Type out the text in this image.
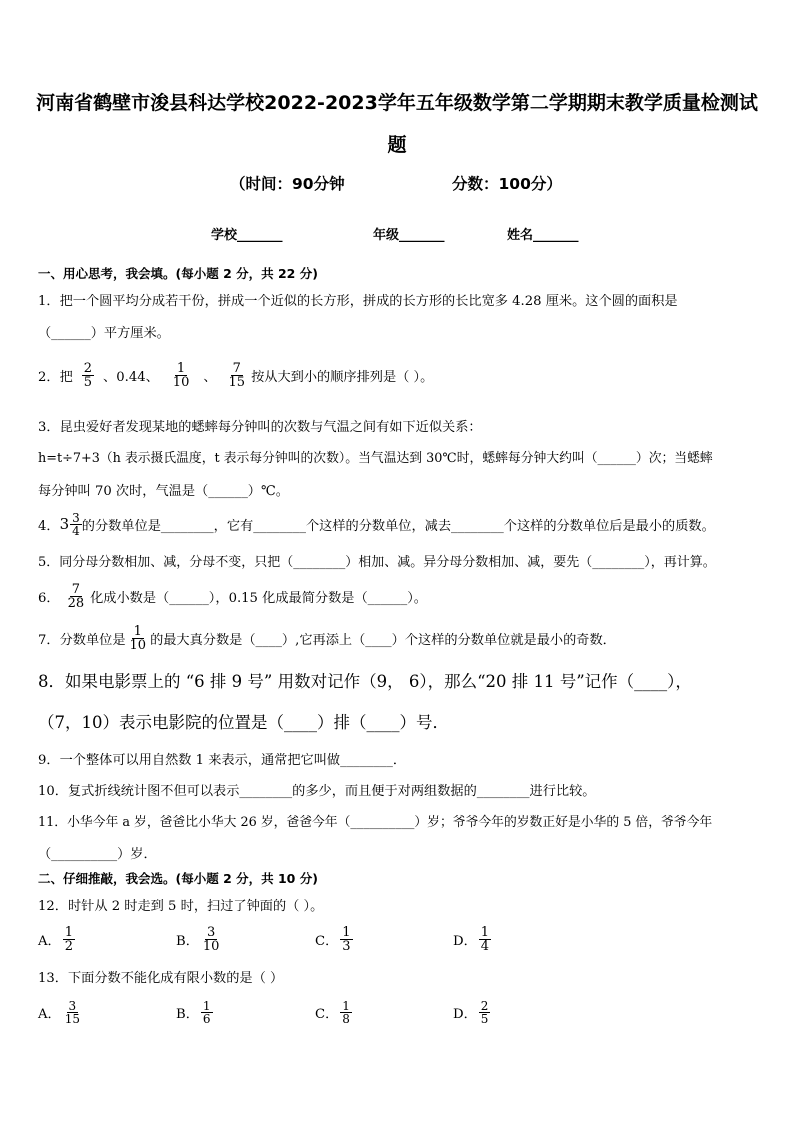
河南省鹤壁市浚县科达学校2022-2023学年五年级数学第二学期期末教学质量检测试
题
（时间：90分钟	分数：100分）
学校_______	年级_______	姓名_______
一、用心思考，我会填。(每小题 2 分，共 22 分)
1．把一个圆平均分成若干份，拼成一个近似的长方形，拼成的长方形的长比宽多 4.28 厘米。这个圆的面积是
（______）平方厘米。
2．把 $\frac{2}{5}$ 、0.44、 $\frac{1}{10}$ 、 $\frac{7}{15}$ 按从大到小的顺序排列是（ ）。
3．昆虫爱好者发现某地的蟋蟀每分钟叫的次数与气温之间有如下近似关系：
h=t÷7+3（h 表示摄氏温度，t 表示每分钟叫的次数）。当气温达到 30℃时，蟋蟀每分钟大约叫（______）次；当蟋蟀
每分钟叫 70 次时，气温是（______）℃。
4． $3 \frac{3}{4}$ 的分数单位是________，它有________个这样的分数单位，减去________个这样的分数单位后是最小的质数。
5．同分母分数相加、减，分母不变，只把（________）相加、减。异分母分数相加、减，要先（________），再计算。
6． $\frac{7}{28}$ 化成小数是（______），0.15 化成最简分数是（______）。
7．分数单位是 $\frac{1}{10}$ 的最大真分数是（____）,它再添上（____）个这样的分数单位就是最小的奇数．
8．如果电影票上的 “6 排 9 号” 用数对记作（9， 6），那么“20 排 11 号”记作（____），
（7，10）表示电影院的位置是（____）排（____）号．
9．一个整体可以用自然数 1 来表示，通常把它叫做________．
10．复式折线统计图不但可以表示________的多少，而且便于对两组数据的________进行比较。
11．小华今年 a 岁，爸爸比小华大 26 岁，爸爸今年（__________）岁；爷爷今年的岁数正好是小华的 5 倍，爷爷今年
（__________）岁．
二、仔细推敲，我会选。(每小题 2 分，共 10 分)
12．时针从 2 时走到 5 时，扫过了钟面的（ ）。
A． $\frac{1}{2}$	B． $\frac{3}{10}$	C． $\frac{1}{3}$	D． $\frac{1}{4}$
13．下面分数不能化成有限小数的是（ ）
A． $\frac{3}{15}$	B． $\frac{1}{6}$	C． $\frac{1}{8}$	D． $\frac{2}{5}$
